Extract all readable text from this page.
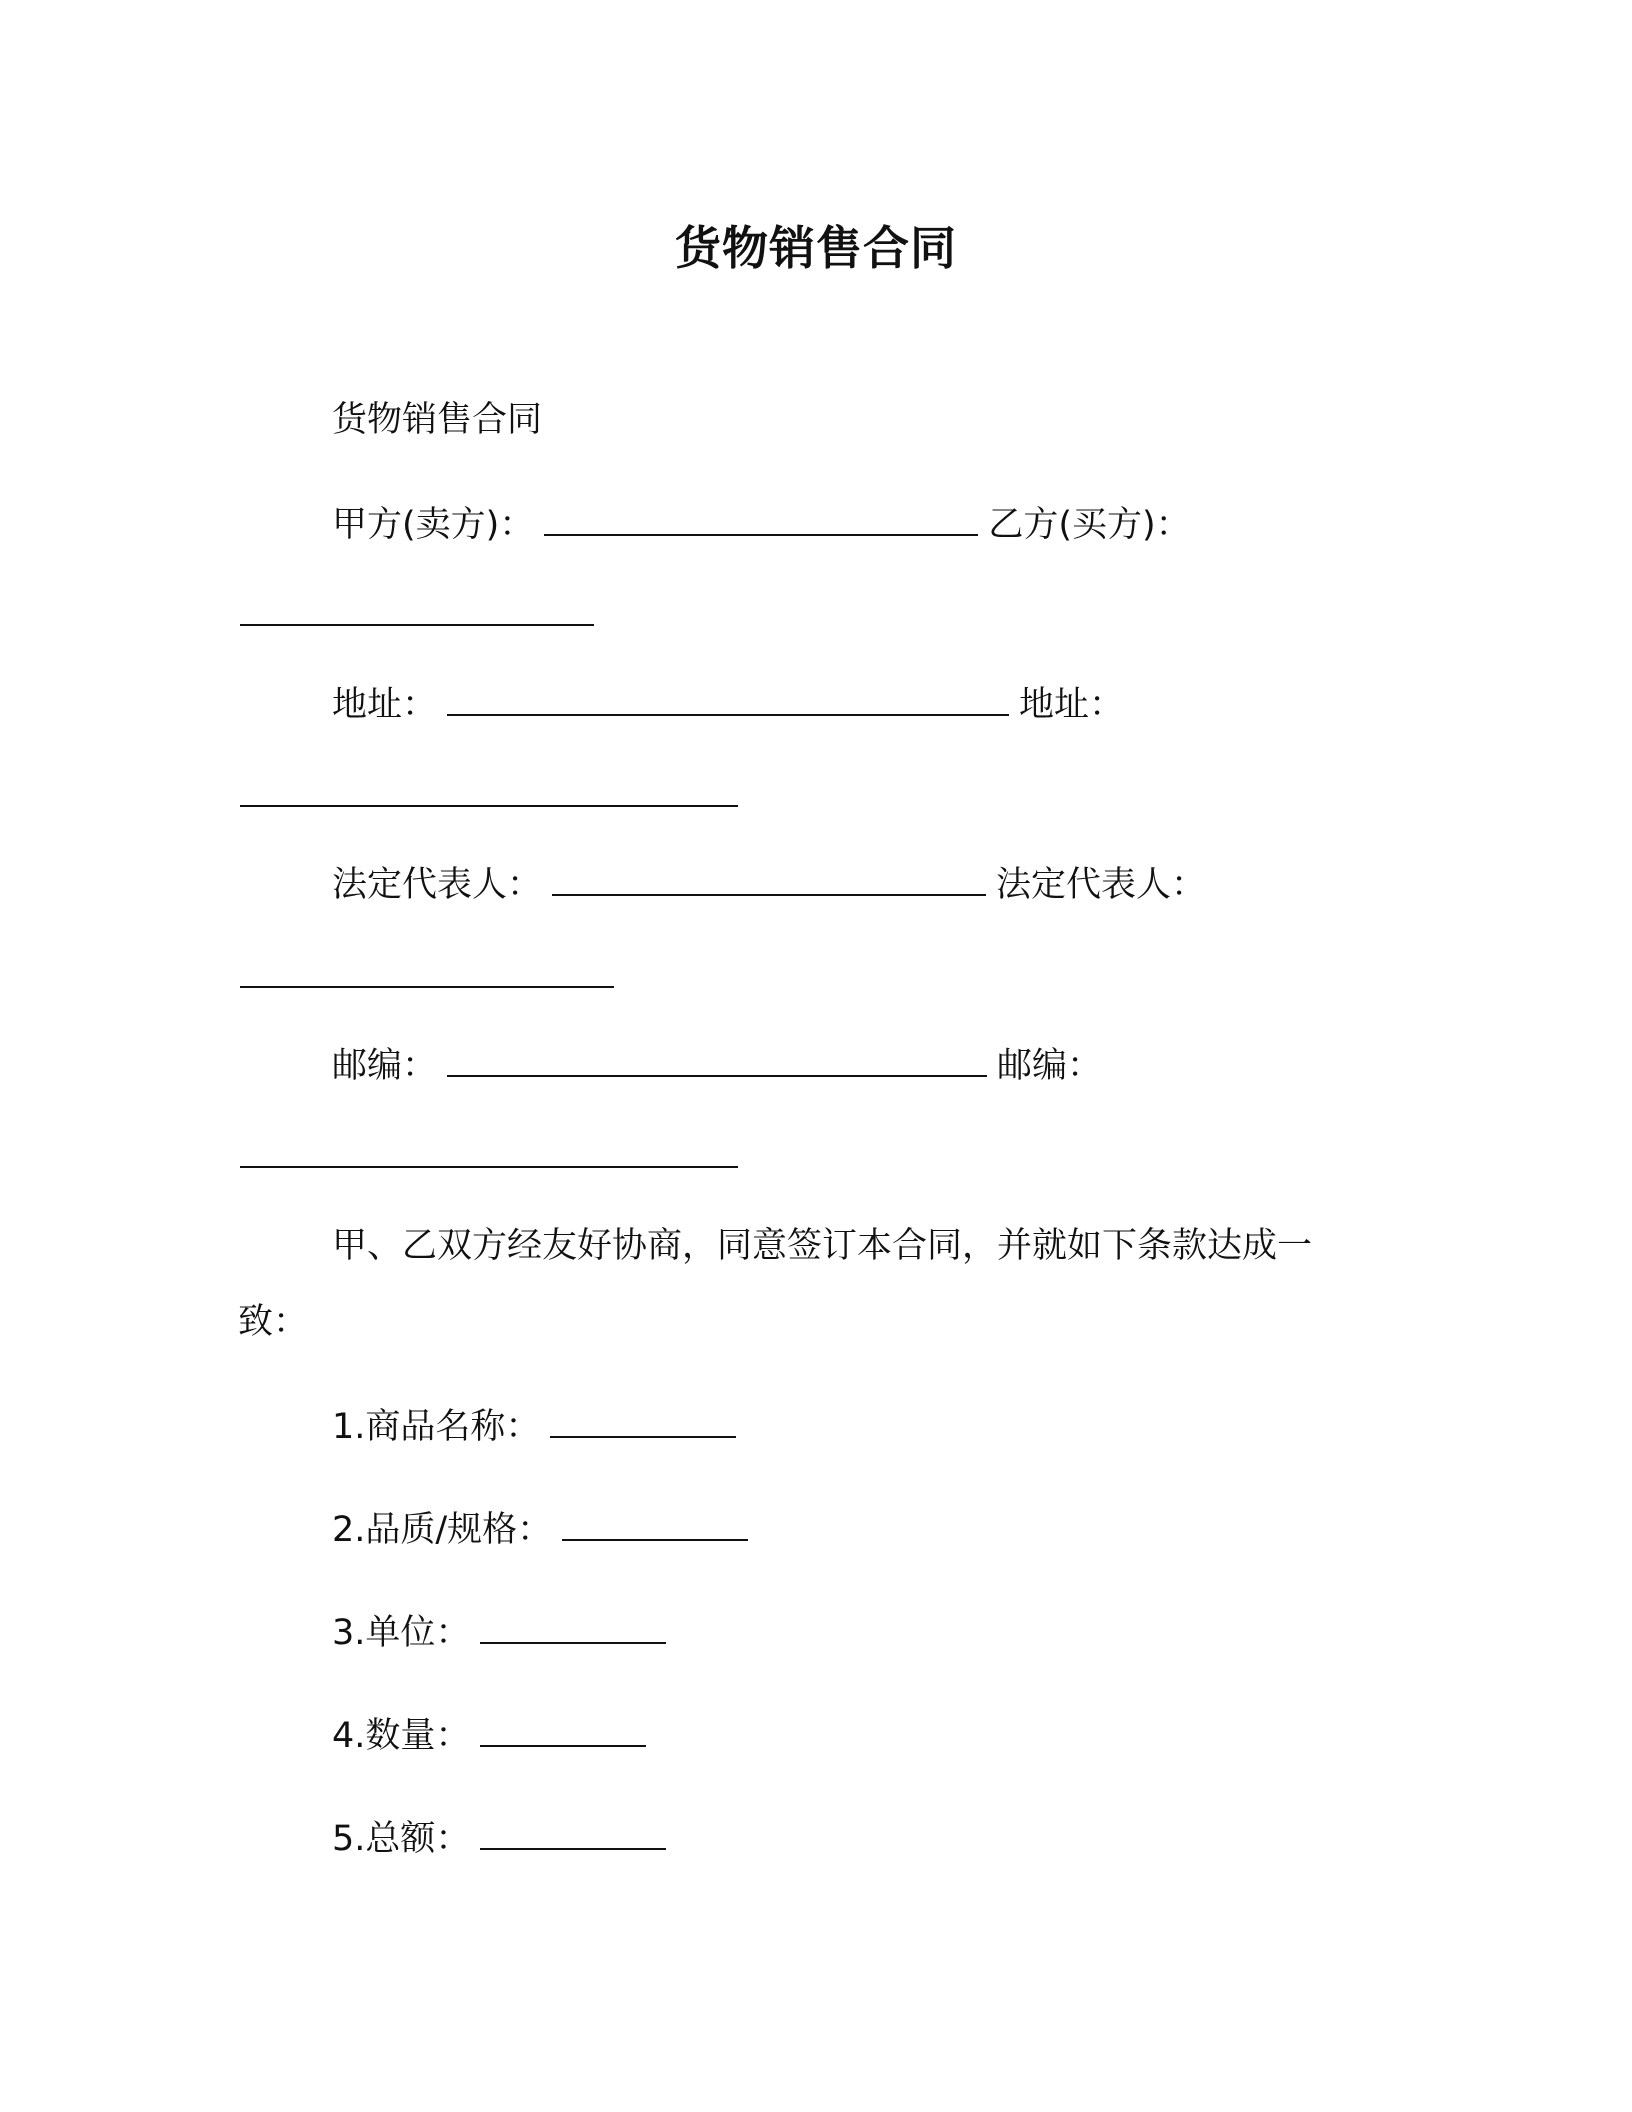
货物销售合同
货物销售合同
甲方(卖方)：	乙方(买方)：
地址：	地址：
法定代表人：	法定代表人：
邮编：	邮编：
甲、乙双方经友好协商，同意签订本合同，并就如下条款达成一
致：
1.商品名称：
2.品质/规格：
3.单位：
4.数量：
5.总额：
